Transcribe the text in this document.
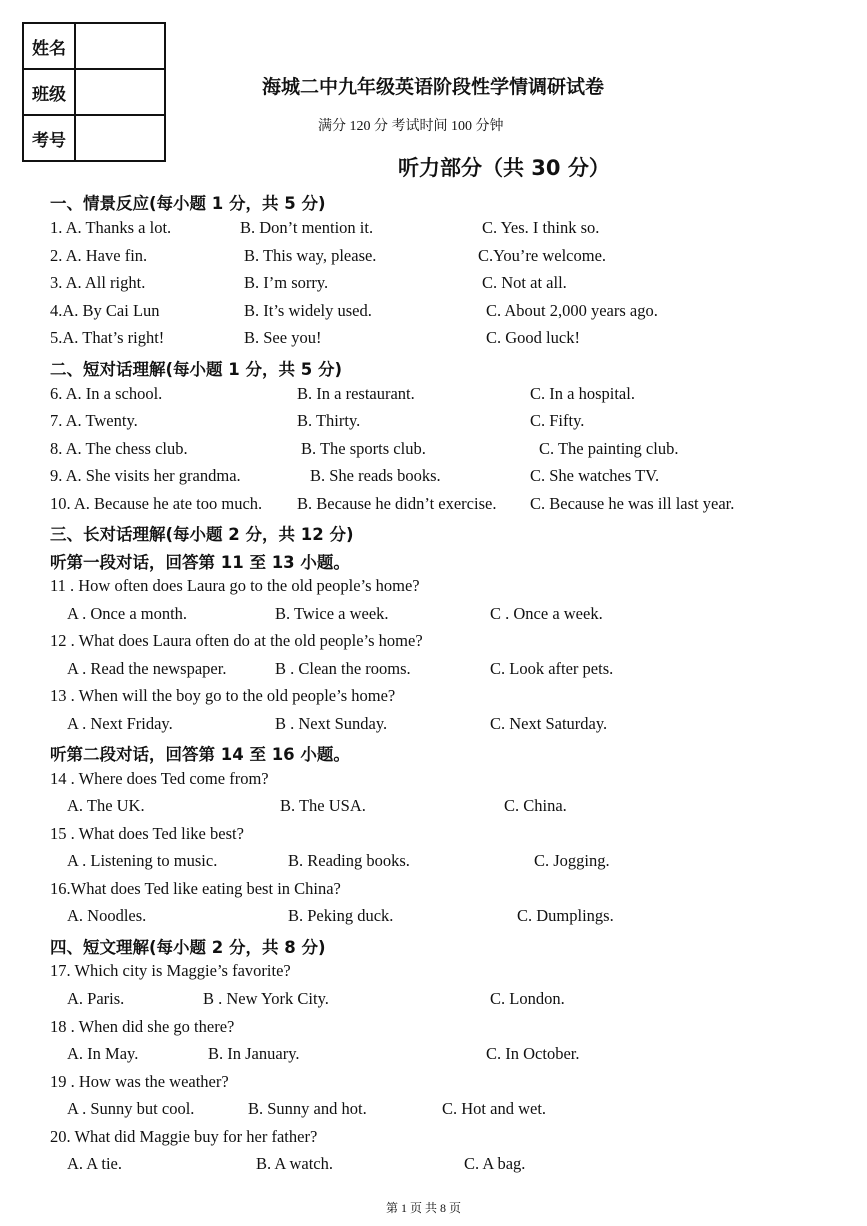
姓名	
班级	
考号	
海城二中九年级英语阶段性学情调研试卷
满分 120 分 考试时间 100 分钟
听力部分（共 30 分）
一、情景反应(每小题 1 分，共 5 分)
1. A. Thanks a lot.	B. Don’t mention it.	C. Yes. I think so.
2. A. Have fin.	B. This way, please.	C.You’re welcome.
3. A. All right.	B. I’m sorry.	C. Not at all.
4.A. By Cai Lun	B. It’s widely used.	C. About 2,000 years ago.
5.A. That’s right!	B. See you!	C. Good luck!
二、短对话理解(每小题 1 分，共 5 分)
6. A. In a school.	B. In a restaurant.	C. In a hospital.
7. A. Twenty.	B. Thirty.	C. Fifty.
8. A. The chess club.	B. The sports club.	C. The painting club.
9. A. She visits her grandma.	B. She reads books.	C. She watches TV.
10. A. Because he ate too much. B. Because he didn’t exercise. C. Because he was ill last year.
三、长对话理解(每小题 2 分，共 12 分)
听第一段对话，回答第 11 至 13 小题。
11 . How often does Laura go to the old people’s home?
A . Once a month.	B. Twice a week.	C . Once a week.
12 . What does Laura often do at the old people’s home?
A . Read the newspaper.	B . Clean the rooms.	C. Look after pets.
13 . When will the boy go to the old people’s home?
A . Next Friday.	B . Next Sunday.	C. Next Saturday.
听第二段对话，回答第 14 至 16 小题。
14 . Where does Ted come from?
A. The UK.	B. The USA.	C. China.
15 . What does Ted like best?
A . Listening to music.	B. Reading books.	C. Jogging.
16.What does Ted like eating best in China?
A. Noodles.	B. Peking duck.	C. Dumplings.
四、短文理解(每小题 2 分，共 8 分)
17. Which city is Maggie’s favorite?
A. Paris.	B . New York City.	C. London.
18 . When did she go there?
A. In May.	B. In January.	C. In October.
19 . How was the weather?
A . Sunny but cool.	B. Sunny and hot.	C. Hot and wet.
20. What did Maggie buy for her father?
A. A tie.	B. A watch.	C. A bag.
第 1 页 共 8 页
